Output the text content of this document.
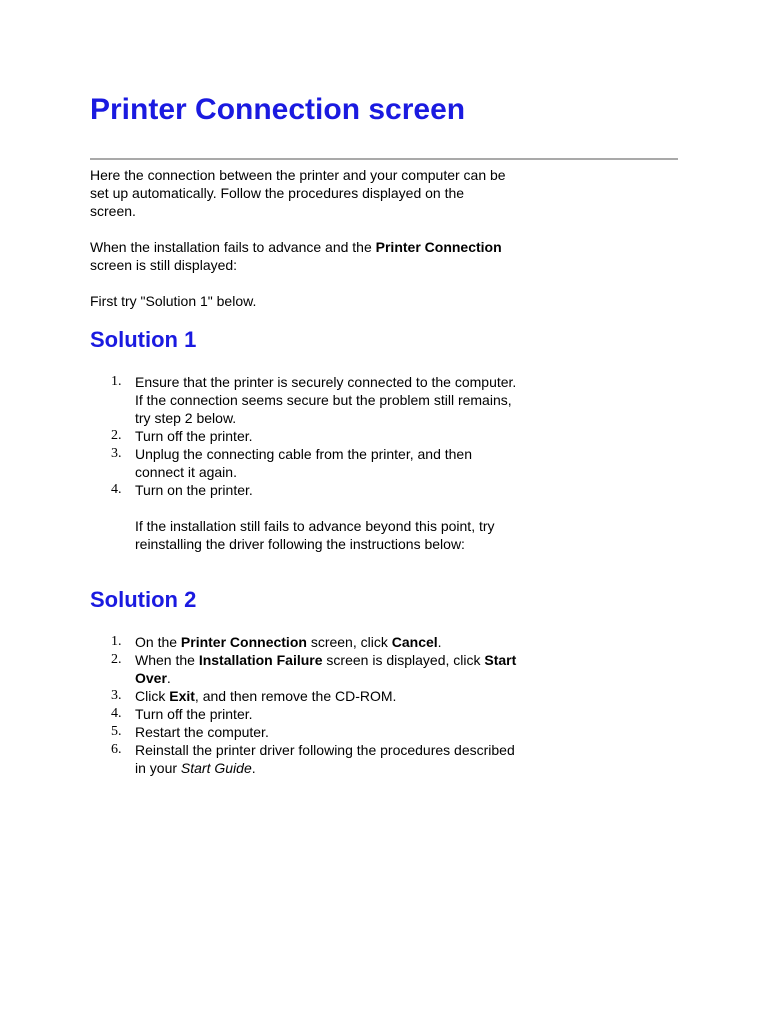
Printer Connection screen

Here the connection between the printer and your computer can be set up automatically. Follow the procedures displayed on the screen.

When the installation fails to advance and the Printer Connection screen is still displayed:

First try "Solution 1" below.

Solution 1
1. Ensure that the printer is securely connected to the computer. If the connection seems secure but the problem still remains, try step 2 below.
2. Turn off the printer.
3. Unplug the connecting cable from the printer, and then connect it again.
4. Turn on the printer.
If the installation still fails to advance beyond this point, try reinstalling the driver following the instructions below:
Solution 2
1. On the Printer Connection screen, click Cancel.
2. When the Installation Failure screen is displayed, click Start Over.
3. Click Exit, and then remove the CD-ROM.
4. Turn off the printer.
5. Restart the computer.
6. Reinstall the printer driver following the procedures described in your Start Guide.
